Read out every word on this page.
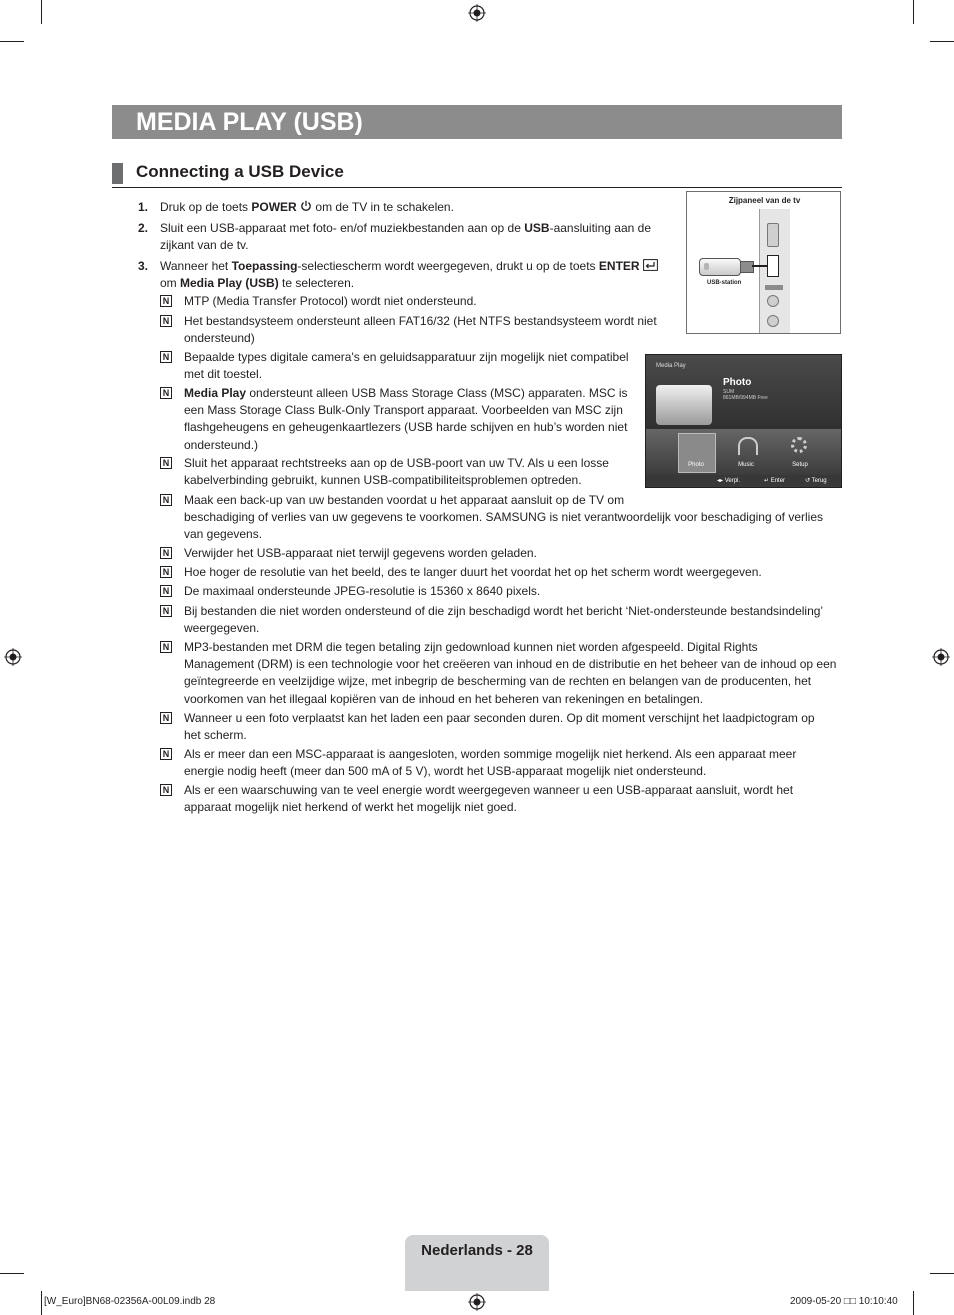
MEDIA PLAY (USB)
Connecting a USB Device
1. Druk op de toets POWER  om de TV in te schakelen.
2. Sluit een USB-apparaat met foto- en/of muziekbestanden aan op de USB-aansluiting aan de
zijkant van de tv.
3. Wanneer het Toepassing-selectiescherm wordt weergegeven, drukt u op de toets ENTER
om Media Play (USB) te selecteren.
N MTP (Media Transfer Protocol) wordt niet ondersteund.
N Het bestandsysteem ondersteunt alleen FAT16/32 (Het NTFS bestandsysteem wordt niet
ondersteund)
N Bepaalde types digitale camera's en geluidsapparatuur zijn mogelijk niet compatibel
met dit toestel.
N Media Play ondersteunt alleen USB Mass Storage Class (MSC) apparaten. MSC is
een Mass Storage Class Bulk-Only Transport apparaat. Voorbeelden van MSC zijn
flashgeheugens en geheugenkaartlezers (USB harde schijven en hub’s worden niet
ondersteund.)
N Sluit het apparaat rechtstreeks aan op de USB-poort van uw TV. Als u een losse
kabelverbinding gebruikt, kunnen USB-compatibiliteitsproblemen optreden.
N Maak een back-up van uw bestanden voordat u het apparaat aansluit op de TV om
beschadiging of verlies van uw gegevens te voorkomen. SAMSUNG is niet verantwoordelijk voor beschadiging of verlies
van gegevens.
N Verwijder het USB-apparaat niet terwijl gegevens worden geladen.
N Hoe hoger de resolutie van het beeld, des te langer duurt het voordat het op het scherm wordt weergegeven.
N De maximaal ondersteunde JPEG-resolutie is 15360 x 8640 pixels.
N Bij bestanden die niet worden ondersteund of die zijn beschadigd wordt het bericht ‘Niet-ondersteunde bestandsindeling’
weergegeven.
N MP3-bestanden met DRM die tegen betaling zijn gedownload kunnen niet worden afgespeeld. Digital Rights
Management (DRM) is een technologie voor het creëeren van inhoud en de distributie en het beheer van de inhoud op een
geïntegreerde en veelzijdige wijze, met inbegrip de bescherming van de rechten en belangen van de producenten, het
voorkomen van het illegaal kopiëren van de inhoud en het beheren van rekeningen en betalingen.
N Wanneer u een foto verplaatst kan het laden een paar seconden duren. Op dit moment verschijnt het laadpictogram op
het scherm.
N Als er meer dan een MSC-apparaat is aangesloten, worden sommige mogelijk niet herkend. Als een apparaat meer
energie nodig heeft (meer dan 500 mA of 5 V), wordt het USB-apparaat mogelijk niet ondersteund.
N Als er een waarschuwing van te veel energie wordt weergegeven wanneer u een USB-apparaat aansluit, wordt het
apparaat mogelijk niet herkend of werkt het mogelijk niet goed.
Zijpaneel van de tv
USB-station
Media Play
Photo
SUM
861MB/994MB Free
Photo	Music	Setup
◂▸ Verpl.	↵ Enter	↺ Terug
Nederlands - 28
[W_Euro]BN68-02356A-00L09.indb 28	2009-05-20 □□ 10:10:40
